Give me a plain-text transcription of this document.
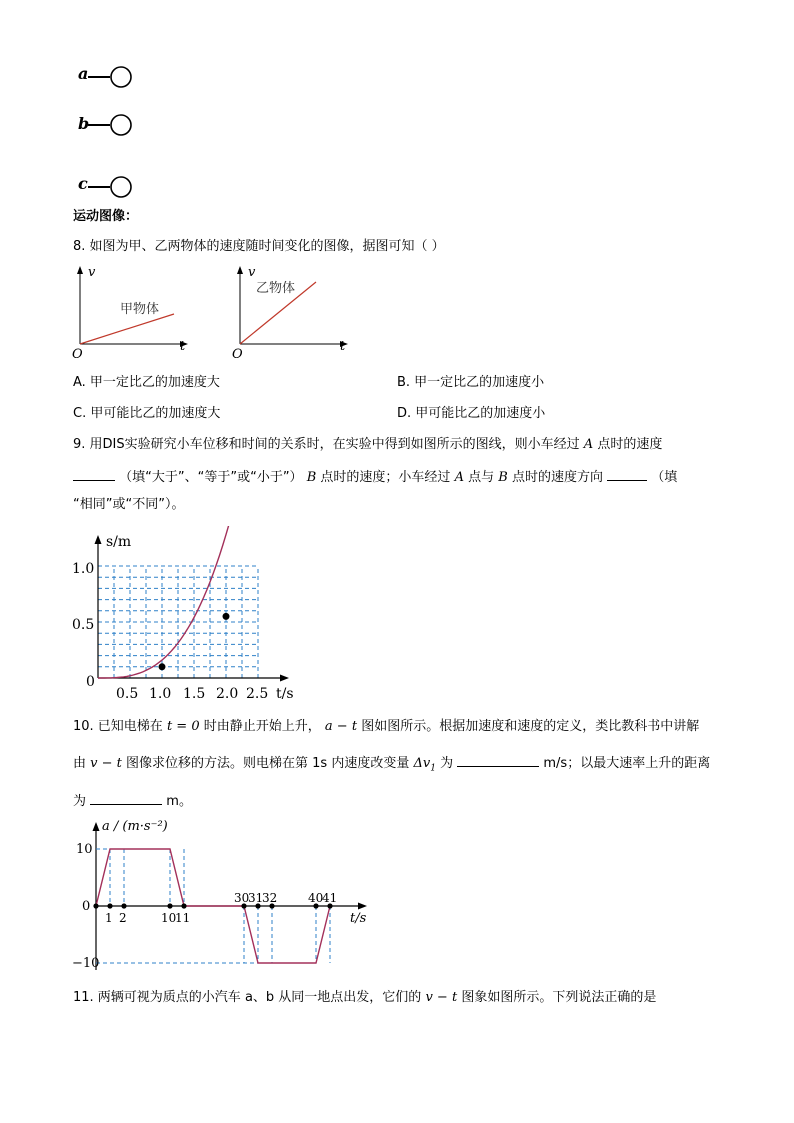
a
b
c
运动图像：
8. 如图为甲、乙两物体的速度随时间变化的图像，据图可知（ ）
v
t
O
甲物体
v
t
O
乙物体
A. 甲一定比乙的加速度大	B. 甲一定比乙的加速度小
C. 甲可能比乙的加速度大	D. 甲可能比乙的加速度小
9. 用DIS实验研究小车位移和时间的关系时，在实验中得到如图所示的图线，则小车经过 A 点时的速度
（填“大于”、“等于”或“小于”） B 点时的速度；小车经过 A 点与 B 点时的速度方向	（填
“相同”或“不同”）。
s/m
t/s
0
1.0
0.5
0.5 1.0 1.5 2.0 2.5
10. 已知电梯在 t = 0 时由静止开始上升， a − t 图如图所示。根据加速度和速度的定义，类比教科书中讲解
由 v − t 图像求位移的方法。则电梯在第 1s 内速度改变量 $\Delta v_1$ 为	m/s；以最大速率上升的距离
为	m。
a / (m·s⁻²)
t/s
10
0
−10
1 2	10
11
30
31
32	40
41
11. 两辆可视为质点的小汽车 a、b 从同一地点出发，它们的 v − t 图象如图所示。下列说法正确的是
